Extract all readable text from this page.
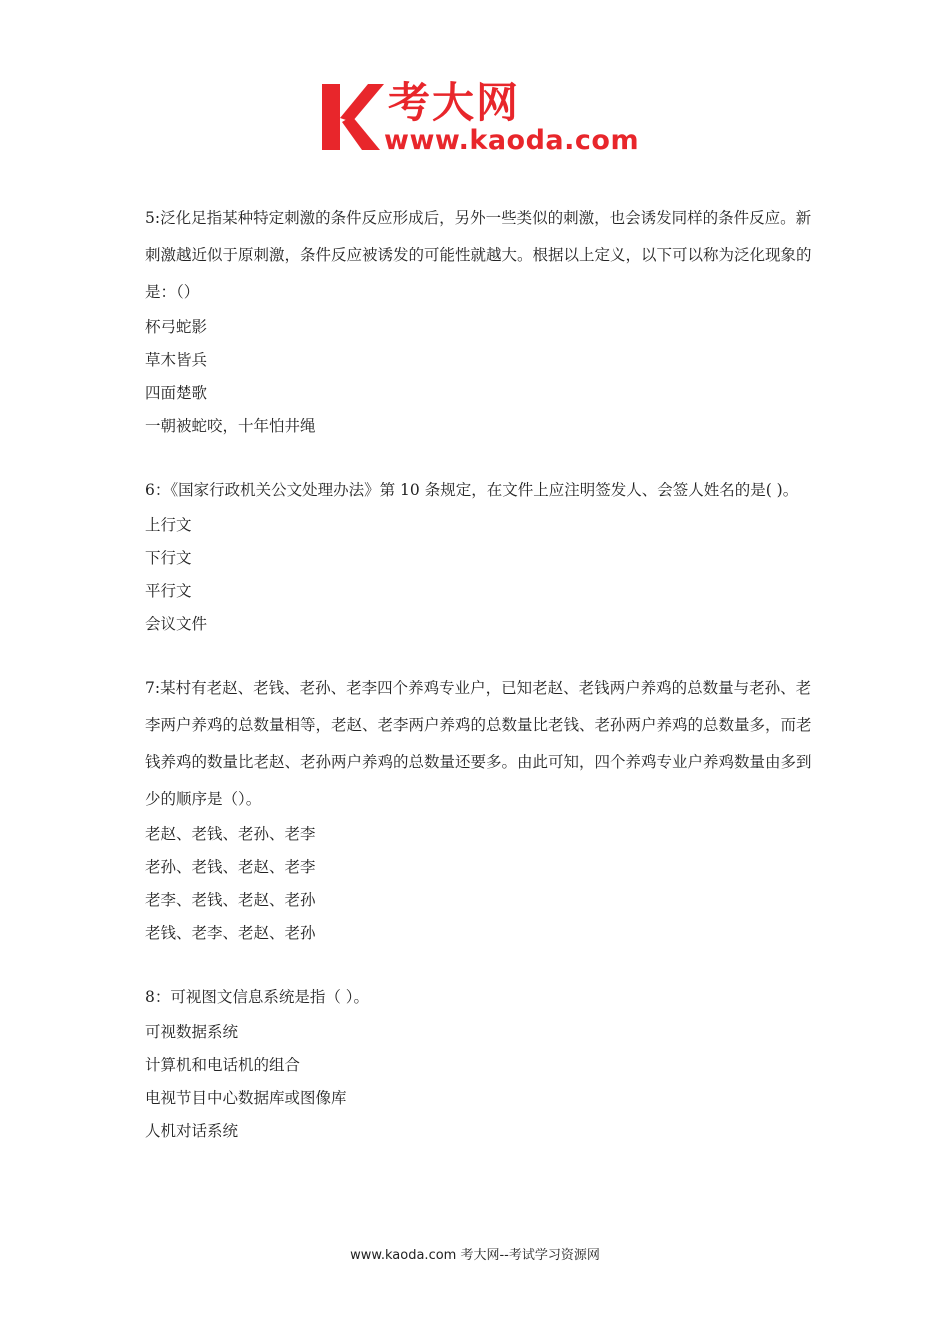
考大网
www.kaoda.com

5:泛化足指某种特定刺激的条件反应形成后，另外一些类似的刺激，也会诱发同样的条件反应。新刺激越近似于原刺激，条件反应被诱发的可能性就越大。根据以上定义，以下可以称为泛化现象的是：（）

杯弓蛇影

草木皆兵

四面楚歌

一朝被蛇咬，十年怕井绳

6：《国家行政机关公文处理办法》第 10 条规定，在文件上应注明签发人、会签人姓名的是( )。

上行文

下行文

平行文

会议文件

7:某村有老赵、老钱、老孙、老李四个养鸡专业户，已知老赵、老钱两户养鸡的总数量与老孙、老李两户养鸡的总数量相等，老赵、老李两户养鸡的总数量比老钱、老孙两户养鸡的总数量多，而老钱养鸡的数量比老赵、老孙两户养鸡的总数量还要多。由此可知，四个养鸡专业户养鸡数量由多到少的顺序是（）。

老赵、老钱、老孙、老李

老孙、老钱、老赵、老李

老李、老钱、老赵、老孙

老钱、老李、老赵、老孙

8：可视图文信息系统是指（ ）。

可视数据系统

计算机和电话机的组合

电视节目中心数据库或图像库

人机对话系统

www.kaoda.com 考大网--考试学习资源网
